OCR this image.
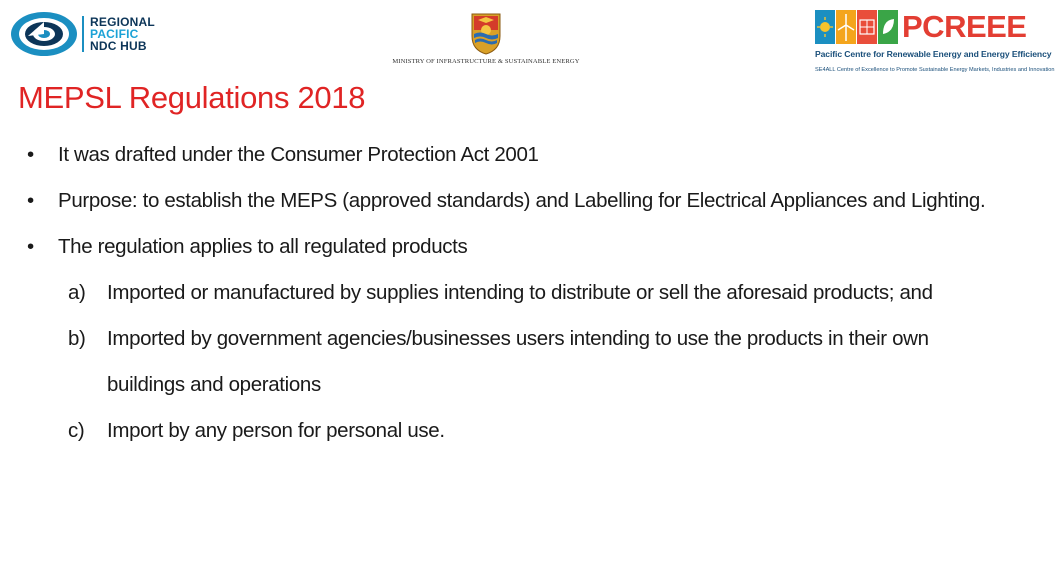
REGIONAL
PACIFIC
NDC HUB
MINISTRY OF INFRASTRUCTURE & SUSTAINABLE ENERGY
PCREEE
Pacific Centre for Renewable Energy and Energy Efficiency
SE4ALL Centre of Excellence to Promote Sustainable Energy Markets, Industries and Innovation
MEPSL Regulations 2018

• It was drafted under the Consumer Protection Act 2001

• Purpose: to establish the MEPS (approved standards) and Labelling for Electrical Appliances and Lighting.

• The regulation applies to all regulated products

a) Imported or manufactured by supplies intending to distribute or sell the aforesaid products; and

b) Imported by government agencies/businesses users intending to use the products in their own buildings and operations

c) Import by any person for personal use.
